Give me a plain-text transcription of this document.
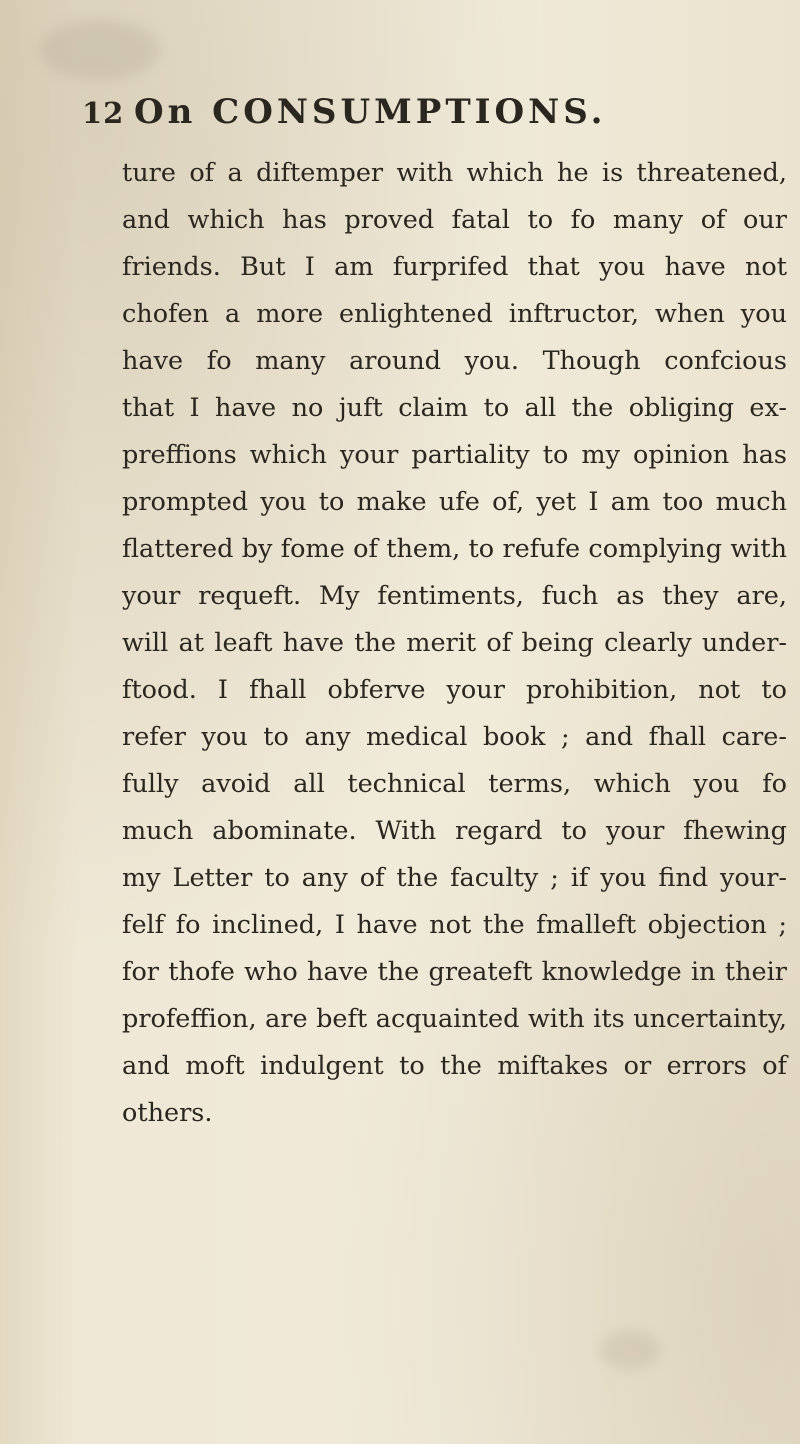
12 On CONSUMPTIONS.
ture of a diftemper with which he is threatened,
and which has proved fatal to fo many of our
friends. But I am furprifed that you have not
chofen a more enlightened inftructor, when you
have fo many around you. Though confcious
that I have no juft claim to all the obliging ex-
preffions which your partiality to my opinion has
prompted you to make ufe of, yet I am too much
flattered by fome of them, to refufe complying with
your requeft. My fentiments, fuch as they are,
will at leaft have the merit of being clearly under-
ftood. I fhall obferve your prohibition, not to
refer you to any medical book ; and fhall care-
fully avoid all technical terms, which you fo
much abominate. With regard to your fhewing
my Letter to any of the faculty ; if you find your-
felf fo inclined, I have not the fmalleft objection ;
for thofe who have the greateft knowledge in their
profeffion, are beft acquainted with its uncertainty,
and moft indulgent to the miftakes or errors of
others.
